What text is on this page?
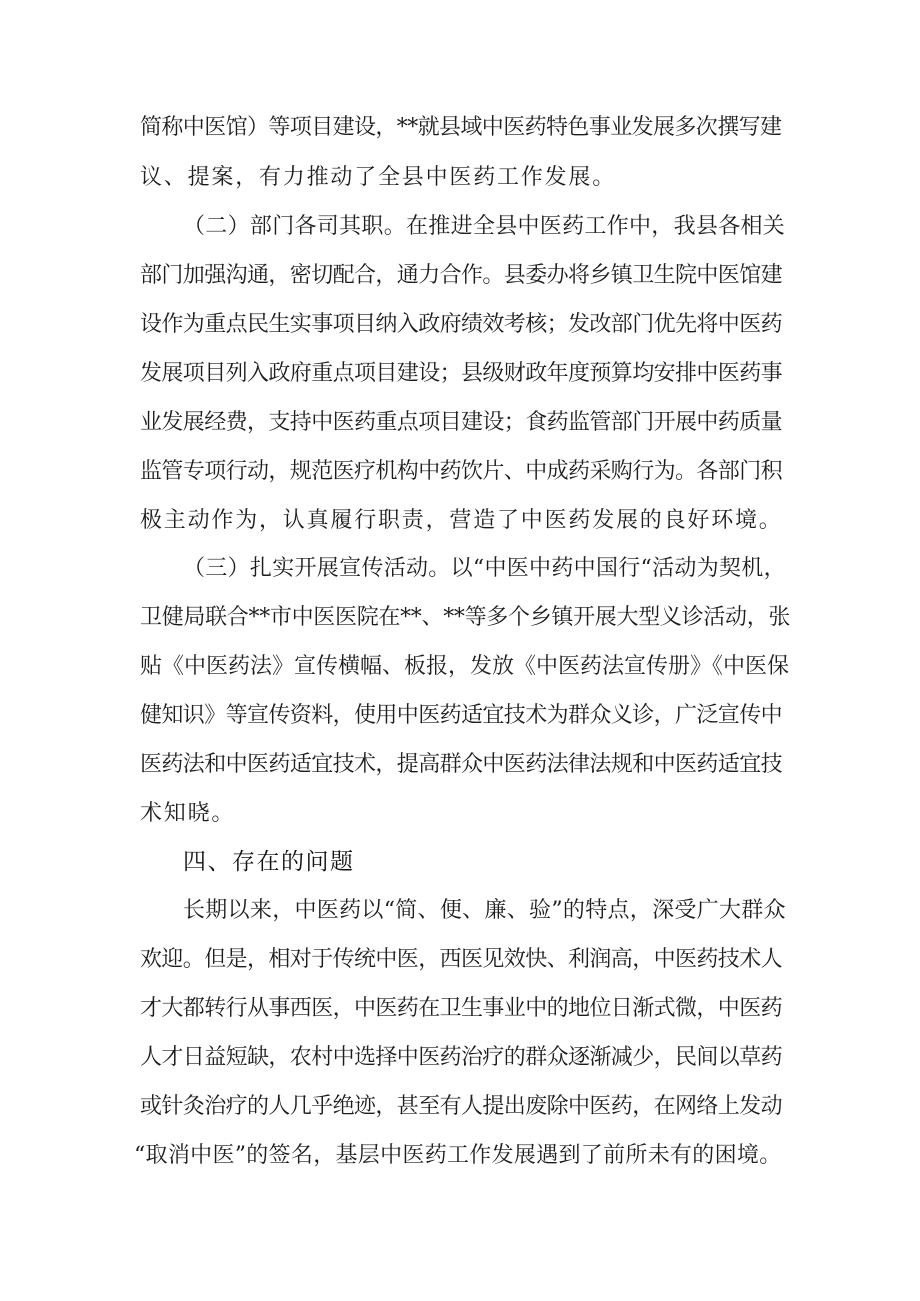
简称中医馆）等项目建设，**就县域中医药特色事业发展多次撰写建
议、提案，有力推动了全县中医药工作发展。
（二）部门各司其职。在推进全县中医药工作中，我县各相关
部门加强沟通，密切配合，通力合作。县委办将乡镇卫生院中医馆建
设作为重点民生实事项目纳入政府绩效考核；发改部门优先将中医药
发展项目列入政府重点项目建设；县级财政年度预算均安排中医药事
业发展经费，支持中医药重点项目建设；食药监管部门开展中药质量
监管专项行动，规范医疗机构中药饮片、中成药采购行为。各部门积
极主动作为，认真履行职责，营造了中医药发展的良好环境。
（三）扎实开展宣传活动。以“中医中药中国行“活动为契机，
卫健局联合**市中医医院在**、**等多个乡镇开展大型义诊活动，张
贴《中医药法》宣传横幅、板报，发放《中医药法宣传册》《中医保
健知识》等宣传资料，使用中医药适宜技术为群众义诊，广泛宣传中
医药法和中医药适宜技术，提高群众中医药法律法规和中医药适宜技
术知晓。
四、存在的问题
长期以来，中医药以“简、便、廉、验”的特点，深受广大群众
欢迎。但是，相对于传统中医，西医见效快、利润高，中医药技术人
才大都转行从事西医，中医药在卫生事业中的地位日渐式微，中医药
人才日益短缺，农村中选择中医药治疗的群众逐渐减少，民间以草药
或针灸治疗的人几乎绝迹，甚至有人提出废除中医药，在网络上发动
“取消中医”的签名，基层中医药工作发展遇到了前所未有的困境。
